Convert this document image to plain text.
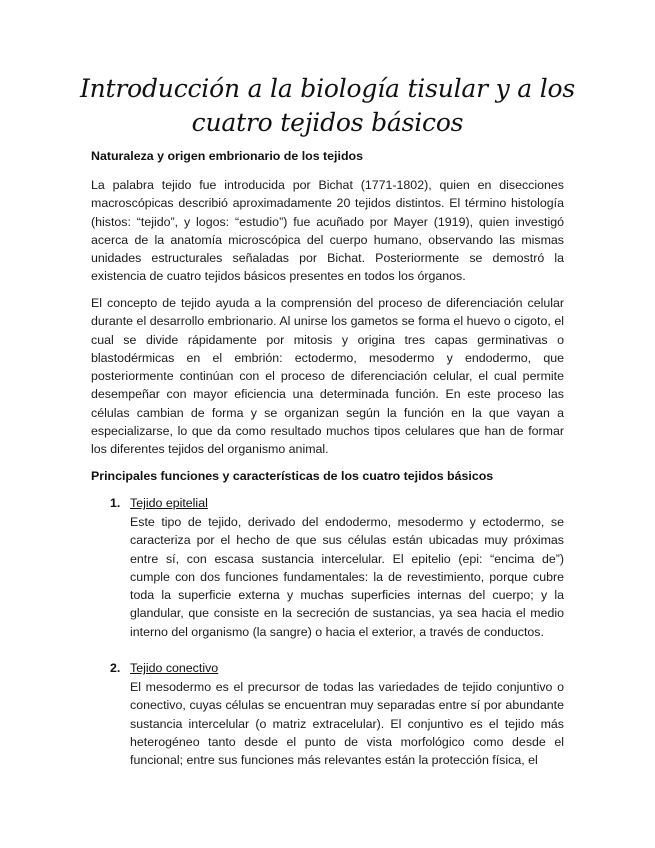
Introducción a la biología tisular y a los
cuatro tejidos básicos
Naturaleza y origen embrionario de los tejidos
La palabra tejido fue introducida por Bichat (1771-1802), quien en disecciones macroscópicas describió aproximadamente 20 tejidos distintos. El término histología (histos: “tejido”, y logos: “estudio”) fue acuñado por Mayer (1919), quien investigó acerca de la anatomía microscópica del cuerpo humano, observando las mismas unidades estructurales señaladas por Bichat. Posteriormente se demostró la existencia de cuatro tejidos básicos presentes en todos los órganos.
El concepto de tejido ayuda a la comprensión del proceso de diferenciación celular durante el desarrollo embrionario. Al unirse los gametos se forma el huevo o cigoto, el cual se divide rápidamente por mitosis y origina tres capas germinativas o blastodérmicas en el embrión: ectodermo, mesodermo y endodermo, que posteriormente continúan con el proceso de diferenciación celular, el cual permite desempeñar con mayor eficiencia una determinada función. En este proceso las células cambian de forma y se organizan según la función en la que vayan a especializarse, lo que da como resultado muchos tipos celulares que han de formar los diferentes tejidos del organismo animal.
Principales funciones y características de los cuatro tejidos básicos
1. Tejido epitelial
Este tipo de tejido, derivado del endodermo, mesodermo y ectodermo, se caracteriza por el hecho de que sus células están ubicadas muy próximas entre sí, con escasa sustancia intercelular. El epitelio (epi: “encima de”) cumple con dos funciones fundamentales: la de revestimiento, porque cubre toda la superficie externa y muchas superficies internas del cuerpo; y la glandular, que consiste en la secreción de sustancias, ya sea hacia el medio interno del organismo (la sangre) o hacia el exterior, a través de conductos.
2. Tejido conectivo
El mesodermo es el precursor de todas las variedades de tejido conjuntivo o conectivo, cuyas células se encuentran muy separadas entre sí por abundante sustancia intercelular (o matriz extracelular). El conjuntivo es el tejido más heterogéneo tanto desde el punto de vista morfológico como desde el funcional; entre sus funciones más relevantes están la protección física, el
